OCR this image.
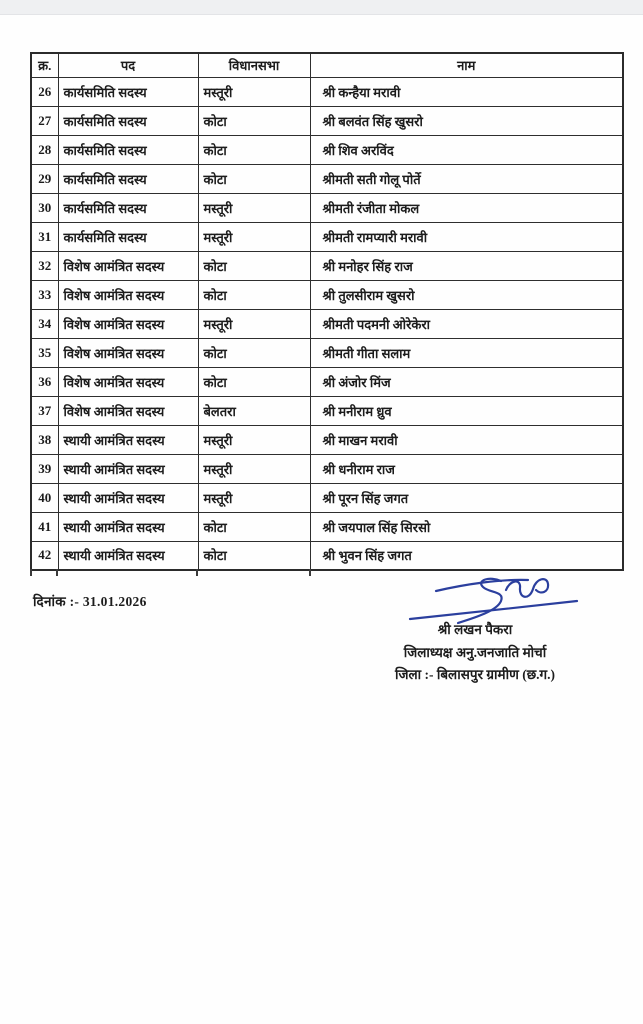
क्र.	पद	विधानसभा	नाम
26	कार्यसमिति सदस्य	मस्तूरी	श्री कन्हैया मरावी
27	कार्यसमिति सदस्य	कोटा	श्री बलवंत सिंह खुसरो
28	कार्यसमिति सदस्य	कोटा	श्री शिव अरविंद
29	कार्यसमिति सदस्य	कोटा	श्रीमती सती गोलू पोर्ते
30	कार्यसमिति सदस्य	मस्तूरी	श्रीमती रंजीता मोकल
31	कार्यसमिति सदस्य	मस्तूरी	श्रीमती रामप्यारी मरावी
32	विशेष आमंत्रित सदस्य	कोटा	श्री मनोहर सिंह राज
33	विशेष आमंत्रित सदस्य	कोटा	श्री तुलसीराम खुसरो
34	विशेष आमंत्रित सदस्य	मस्तूरी	श्रीमती पदमनी ओरेकेरा
35	विशेष आमंत्रित सदस्य	कोटा	श्रीमती गीता सलाम
36	विशेष आमंत्रित सदस्य	कोटा	श्री अंजोर मिंज
37	विशेष आमंत्रित सदस्य	बेलतरा	श्री मनीराम ध्रुव
38	स्थायी आमंत्रित सदस्य	मस्तूरी	श्री माखन मरावी
39	स्थायी आमंत्रित सदस्य	मस्तूरी	श्री धनीराम राज
40	स्थायी आमंत्रित सदस्य	मस्तूरी	श्री पूरन सिंह जगत
41	स्थायी आमंत्रित सदस्य	कोटा	श्री जयपाल सिंह सिरसो
42	स्थायी आमंत्रित सदस्य	कोटा	श्री भुवन सिंह जगत
दिनांक :- 31.01.2026
श्री लखन पैकरा
जिलाध्यक्ष अनु.जनजाति मोर्चा
जिला :- बिलासपुर ग्रामीण (छ.ग.)
